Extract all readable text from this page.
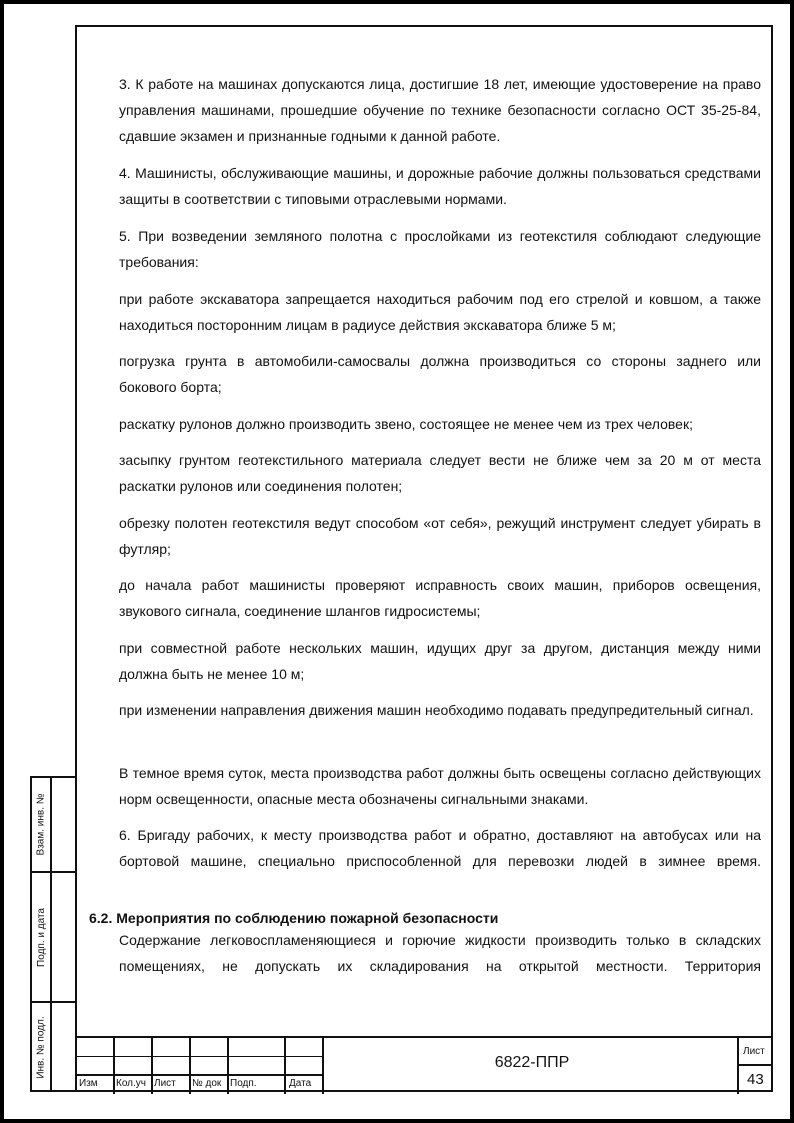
3. К работе на машинах допускаются лица, достигшие 18 лет, имеющие удостоверение на право управления машинами, прошедшие обучение по технике безопасности согласно ОСТ 35-25-84, сдавшие экзамен и признанные годными к данной работе.

4. Машинисты, обслуживающие машины, и дорожные рабочие должны пользоваться средствами защиты в соответствии с типовыми отраслевыми нормами.

5. При возведении земляного полотна с прослойками из геотекстиля соблюдают следующие требования:

при работе экскаватора запрещается находиться рабочим под его стрелой и ковшом, а также находиться посторонним лицам в радиусе действия экскаватора ближе 5 м;

погрузка грунта в автомобили-самосвалы должна производиться со стороны заднего или бокового борта;

раскатку рулонов должно производить звено, состоящее не менее чем из трех человек;

засыпку грунтом геотекстильного материала следует вести не ближе чем за 20 м от места раскатки рулонов или соединения полотен;

обрезку полотен геотекстиля ведут способом «от себя», режущий инструмент следует убирать в футляр;

до начала работ машинисты проверяют исправность своих машин, приборов освещения, звукового сигнала, соединение шлангов гидросистемы;

при совместной работе нескольких машин, идущих друг за другом, дистанция между ними должна быть не менее 10 м;

при изменении направления движения машин необходимо подавать предупредительный сигнал.

В темное время суток, места производства работ должны быть освещены согласно действующих норм освещенности, опасные места обозначены сигнальными знаками.

6. Бригаду рабочих, к месту производства работ и обратно, доставляют на автобусах или на бортовой машине, специально приспособленной для перевозки людей в зимнее время.

6.2. Мероприятия по соблюдению пожарной безопасности

Содержание легковоспламеняющиеся и горючие жидкости производить только в складских помещениях, не допускать их складирования на открытой местности. Территория

Взам. инв. №
Подп. и дата
Инв. № подл.
Изм Кол.уч Лист № док Подп.	Дата
6822-ППР
Лист
43
